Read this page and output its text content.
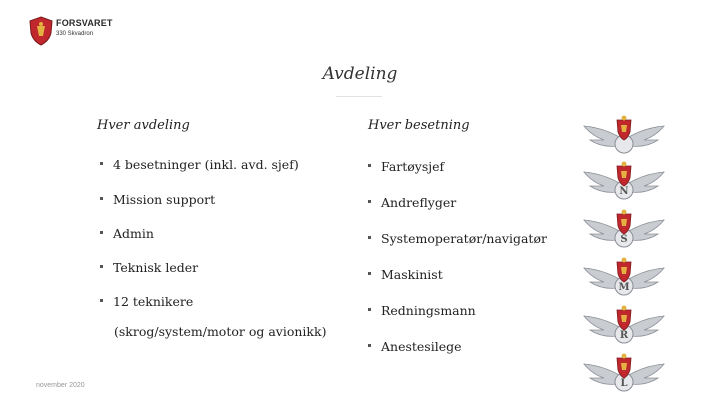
FORSVARET
330 Skvadron
Avdeling
Hver avdeling
4 besetninger (inkl. avd. sjef)
Mission support
Admin
Teknisk leder
12 teknikere
(skrog/system/motor og avionikk)
Hver besetning
Fartøysjef
Andreflyger
Systemoperatør/navigatør
Maskinist
Redningsmann
Anestesilege
november 2020
N
S
M
R
L
